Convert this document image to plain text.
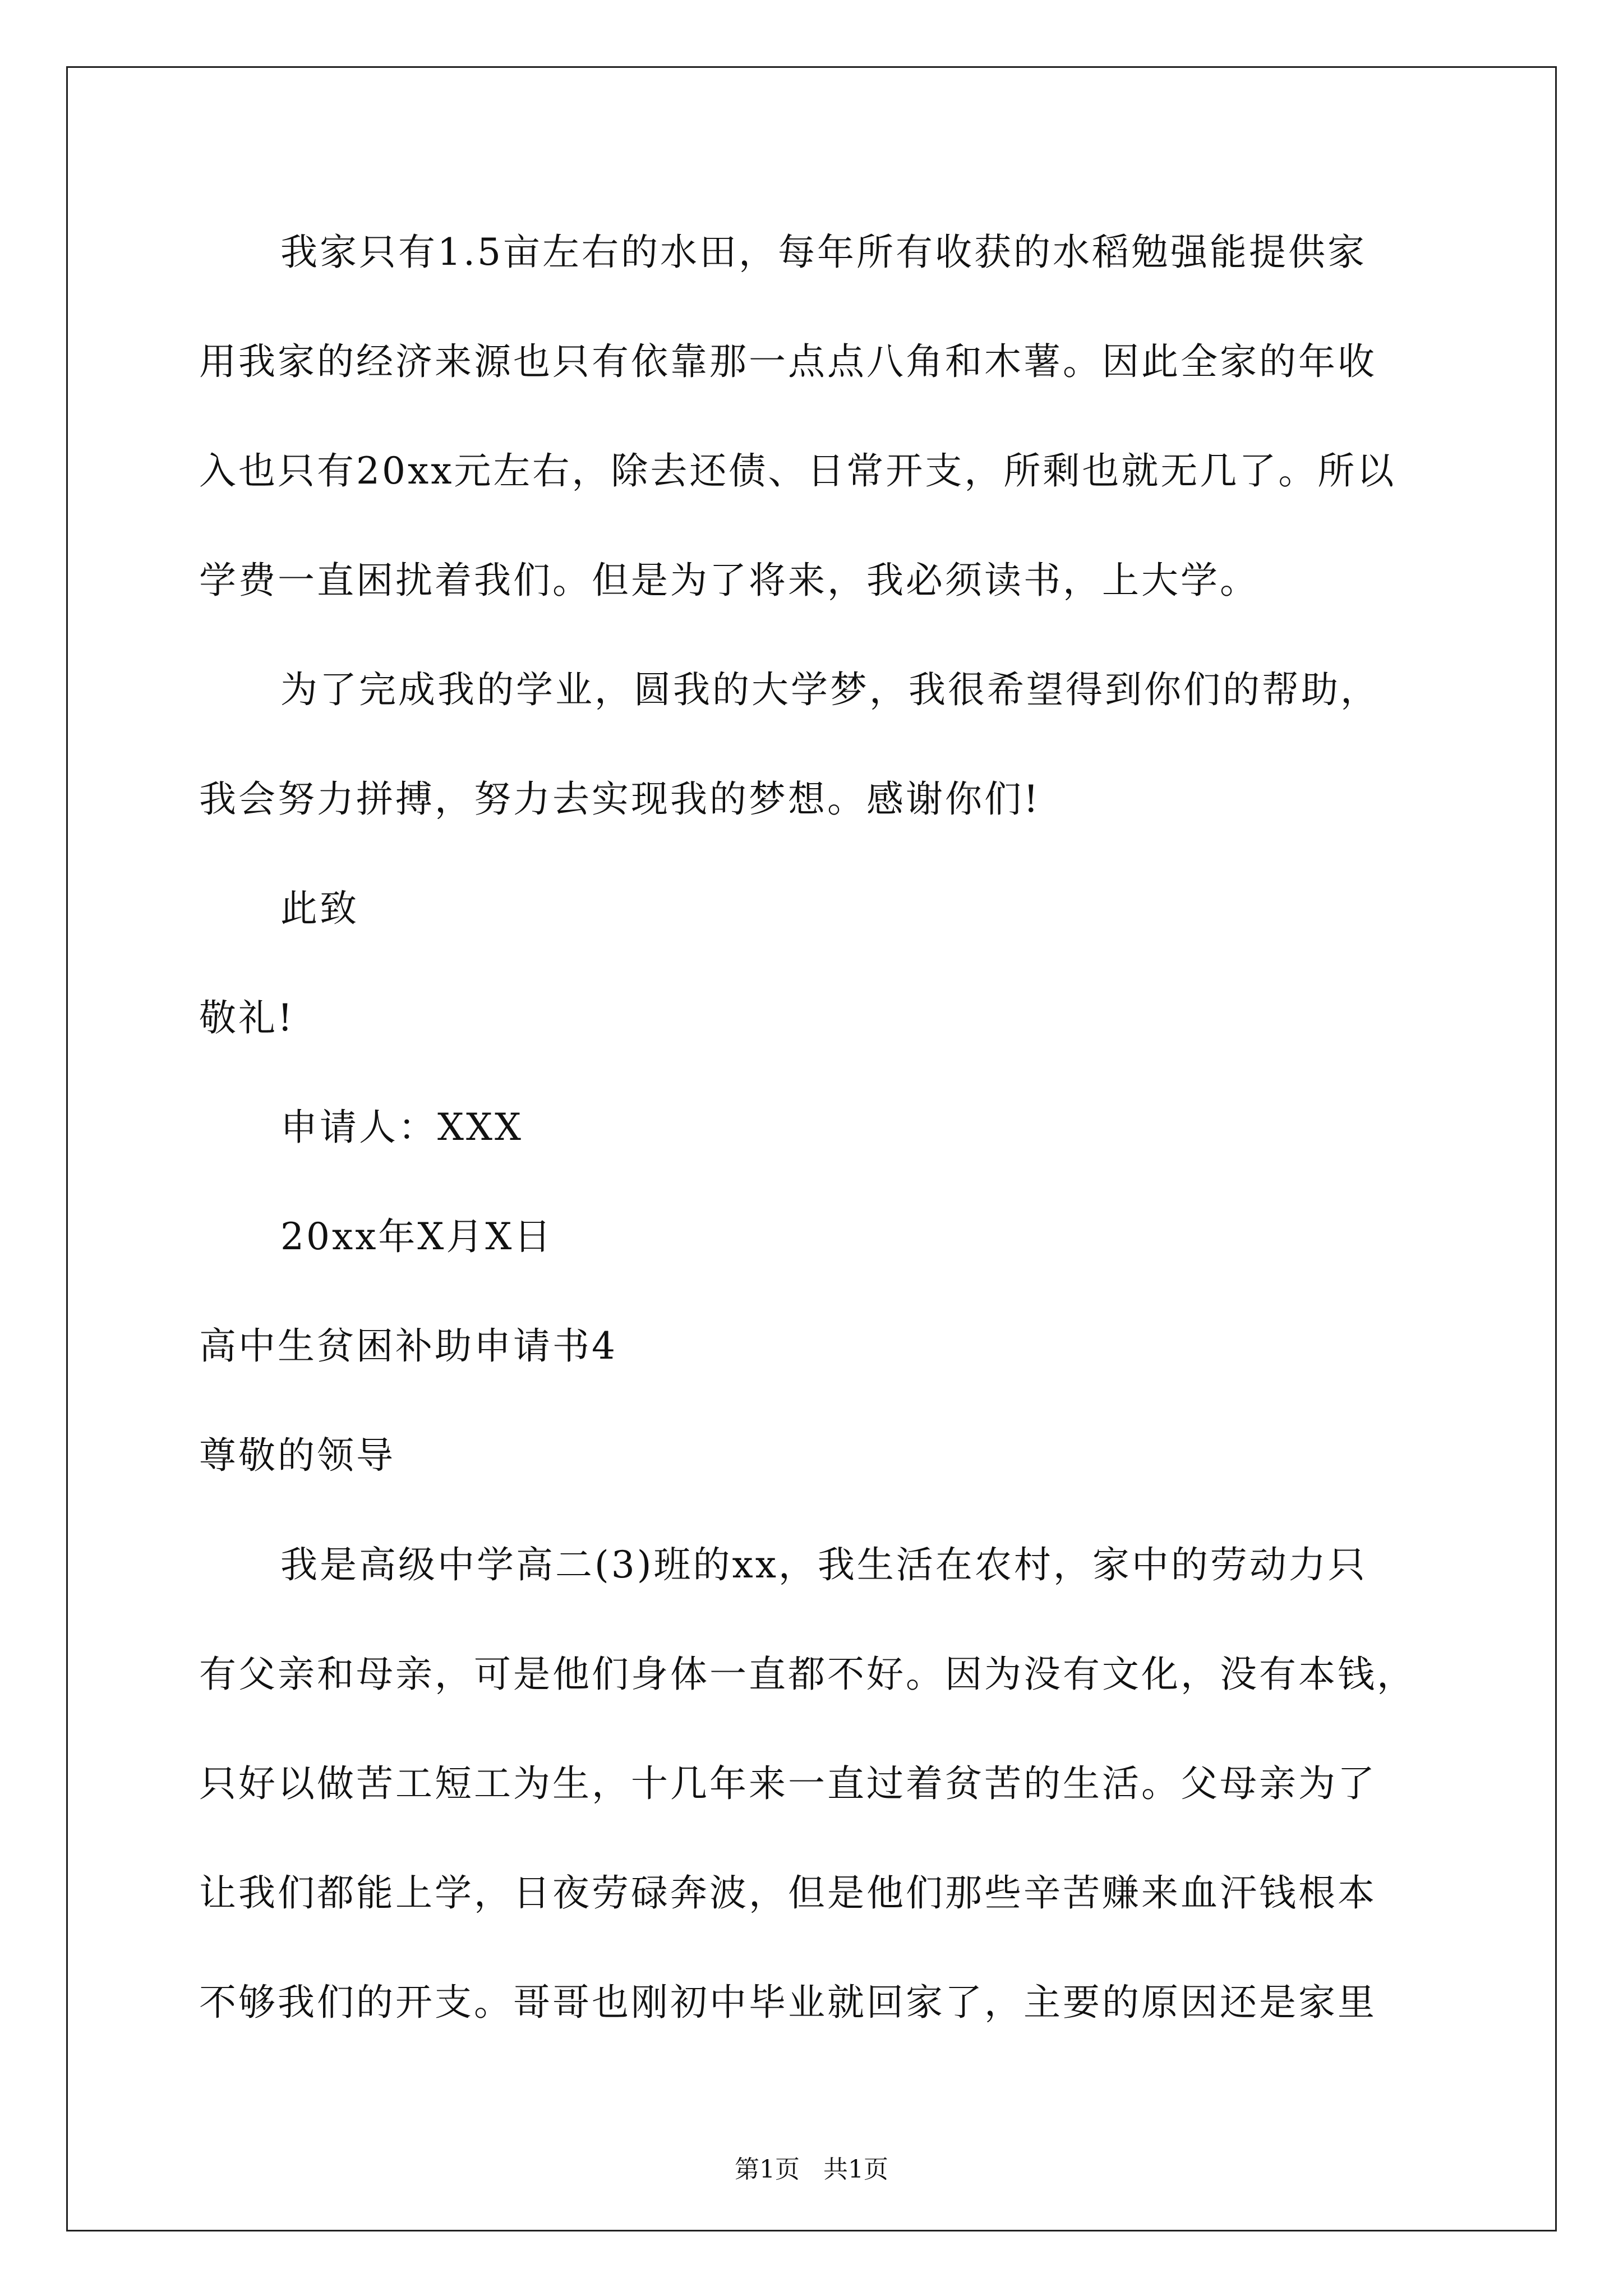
我家只有1.5亩左右的水田，每年所有收获的水稻勉强能提供家
用我家的经济来源也只有依靠那一点点八角和木薯。因此全家的年收
入也只有20xx元左右，除去还债、日常开支，所剩也就无几了。所以
学费一直困扰着我们。但是为了将来，我必须读书，上大学。
为了完成我的学业，圆我的大学梦，我很希望得到你们的帮助，
我会努力拼搏，努力去实现我的梦想。感谢你们!
此致
敬礼!
申请人：XXX
20xx年X月X日
高中生贫困补助申请书4
尊敬的领导
我是高级中学高二(3)班的xx，我生活在农村，家中的劳动力只
有父亲和母亲，可是他们身体一直都不好。因为没有文化，没有本钱，
只好以做苦工短工为生，十几年来一直过着贫苦的生活。父母亲为了
让我们都能上学，日夜劳碌奔波，但是他们那些辛苦赚来血汗钱根本
不够我们的开支。哥哥也刚初中毕业就回家了，主要的原因还是家里
第1页   共1页
